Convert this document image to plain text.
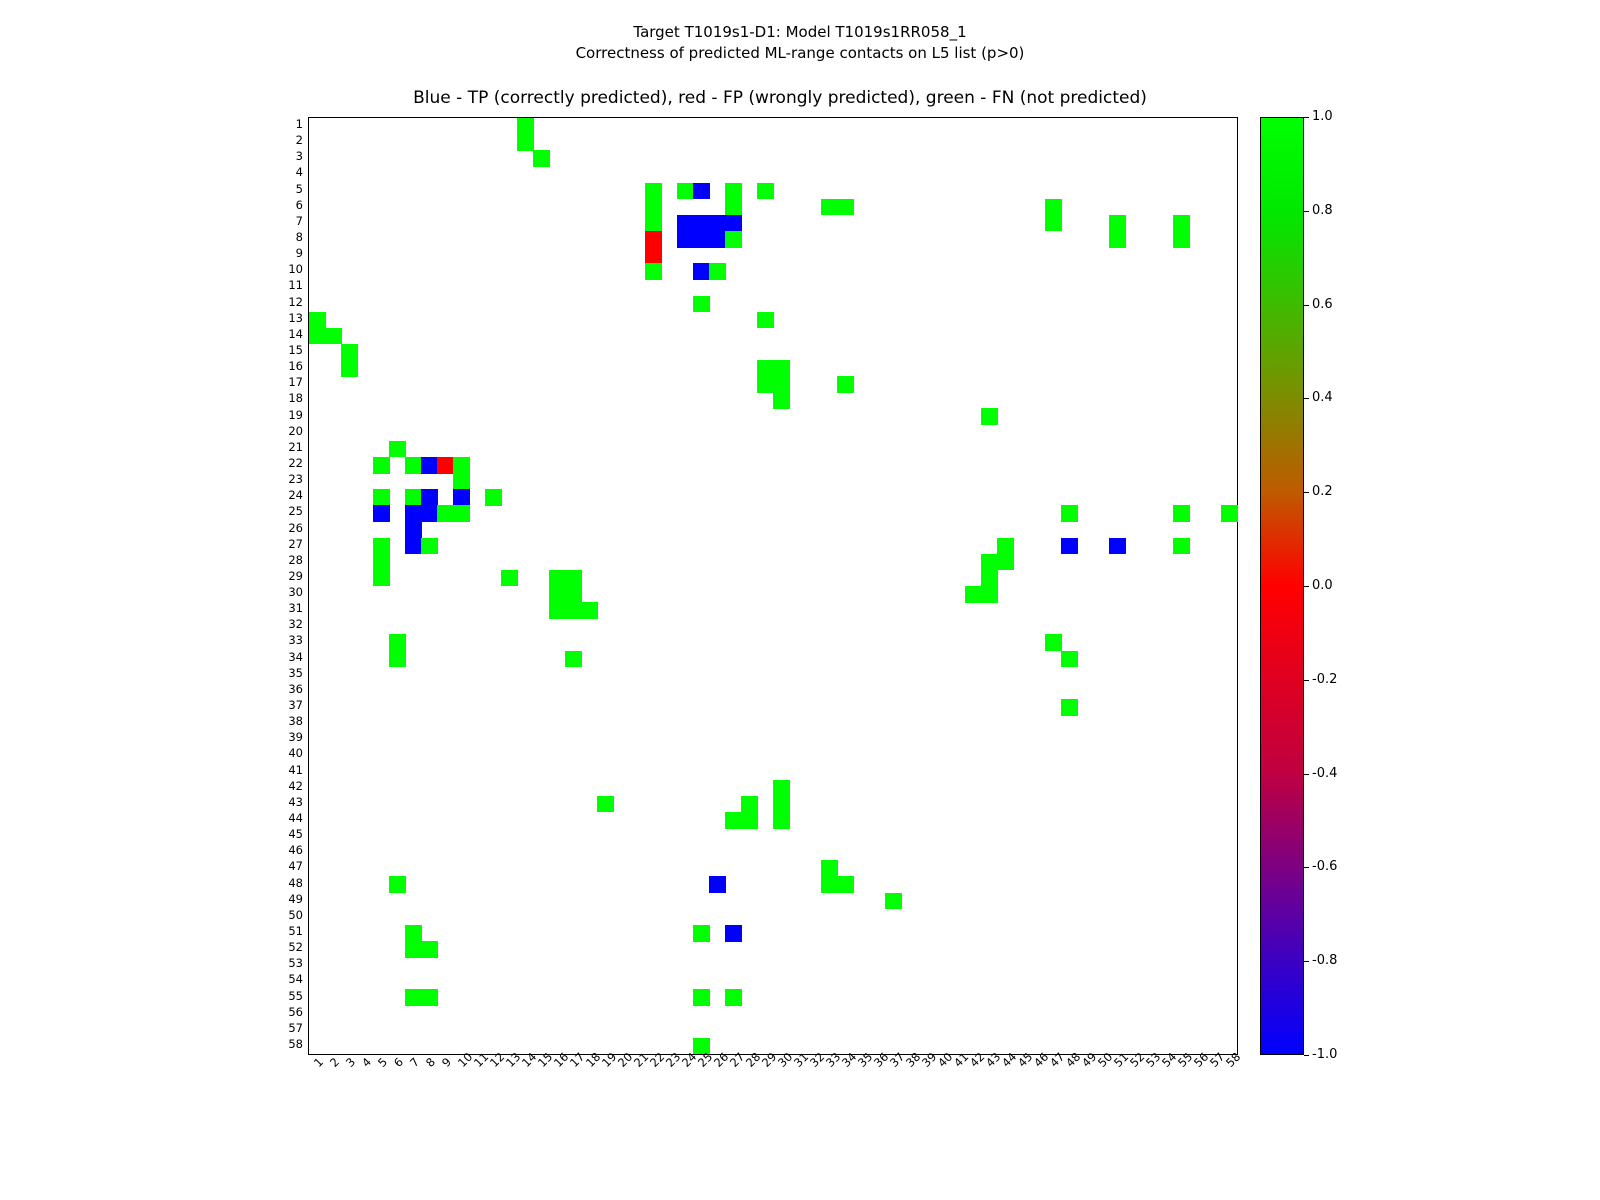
Target T1019s1-D1: Model T1019s1RR058_1
Correctness of predicted ML-range contacts on L5 list (p>0)
Blue - TP (correctly predicted), red - FP (wrongly predicted), green - FN (not predicted)
1
2
3
4
5
6
7
8
9
10
11
12
13
14
15
16
17
18
19
20
21
22
23
24
25
26
27
28
29
30
31
32
33
34
35
36
37
38
39
40
41
42
43
44
45
46
47
48
49
50
51
52
53
54
55
56
57
58
1 2 3 4 5 6 7 8 9 10
11
12
13
14
15
16
17
18
19
20
21
22
23
24
25
26
27
28
29
30
31
32
33
34
35
36
37
38
39
40
41
42
43
44
45
46
47
48
49
50
51
52
53
54
55
56
57
58
1.0
0.8
0.6
0.4
0.2
0.0
-0.2
-0.4
-0.6
-0.8
-1.0
